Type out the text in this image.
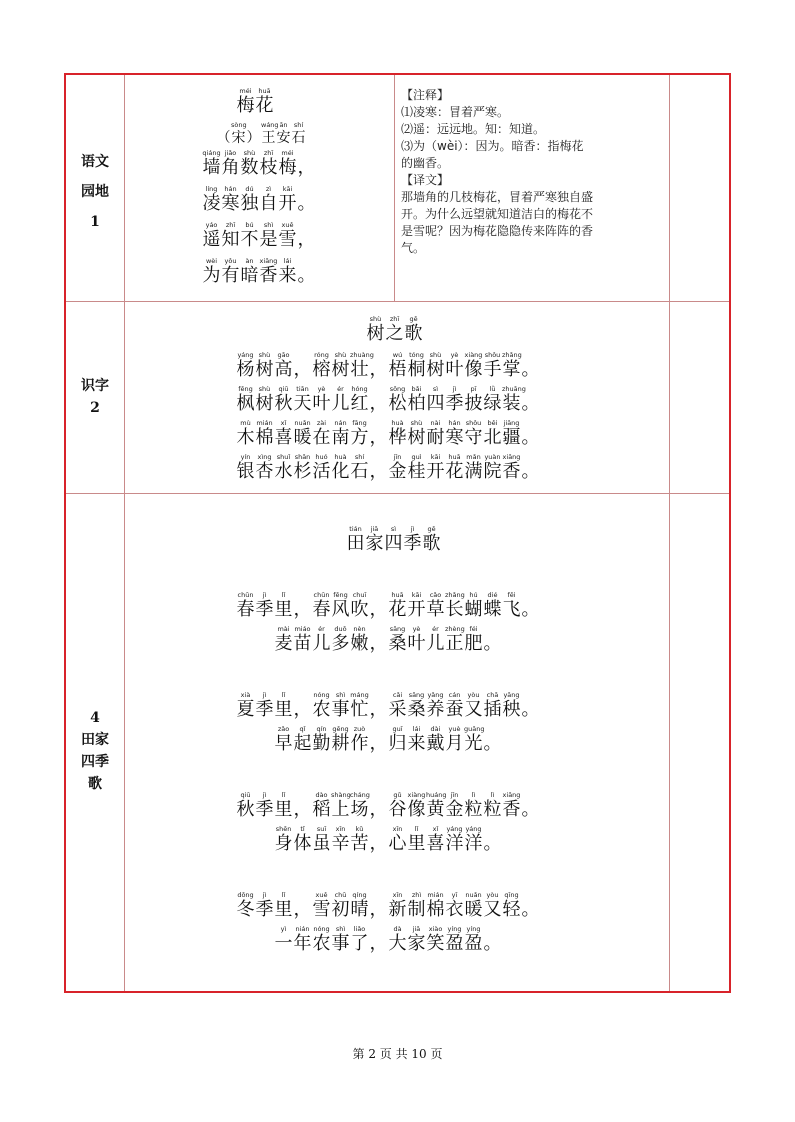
语文
园地
1
识字
2
4
田家
四季
歌
méi
梅
huā
花
（
sòng
宋 ）
wáng
王
ān
安
shí
石
qiáng
墙
jiǎo
角
shù
数
zhī
枝
méi
梅 ，
líng
凌
hán
寒
dú
独
zì
自
kāi
开 。
yáo
遥
zhī
知
bú
不
shì
是
xuě
雪 ，
wèi
为
yǒu
有
àn
暗
xiāng
香
lái
来 。
【注释】
⑴凌寒：冒着严寒。
⑵遥：远远地。知：知道。
⑶为（wèi）：因为。暗香：指梅花
的幽香。
【译文】
那墙角的几枝梅花，冒着严寒独自盛
开。为什么远望就知道洁白的梅花不
是雪呢？因为梅花隐隐传来阵阵的香
气。
shù
树
zhī
之
gē
歌
yáng
杨
shù
树
gāo
高 ，
róng
榕
shù
树
zhuàng
壮 ，
wú
梧
tóng
桐
shù
树
yè
叶
xiàng
像
shǒu
手
zhǎng
掌 。
fēng
枫
shù
树
qiū
秋
tiān
天
yè
叶
ér
儿
hóng
红 ，
sōng
松
bǎi
柏
sì
四
jì
季
pī
披
lǜ
绿
zhuāng
装 。
mù
木
mián
棉
xǐ
喜
nuǎn
暖
zài
在
nán
南
fāng
方 ，
huà
桦
shù
树
nài
耐
hán
寒
shǒu
守
běi
北
jiāng
疆 。
yín
银
xìng
杏
shuǐ
水
shān
杉
huó
活
huà
化
shí
石 ，
jīn
金
guì
桂
kāi
开
huā
花
mǎn
满
yuàn
院
xiāng
香 。
tián
田
jiā
家
sì
四
jì
季
gē
歌
chūn
春
jì
季
lǐ
里 ，
chūn
春
fēng
风
chuī
吹 ，
huā
花
kāi
开
cǎo
草
zhǎng
长
hú
蝴
dié
蝶
fēi
飞 。
mài
麦
miáo
苗
ér
儿
duō
多
nèn
嫩 ，
sāng
桑
yè
叶
ér
儿
zhèng
正
féi
肥 。
xià
夏
jì
季
lǐ
里 ，
nóng
农
shì
事
máng
忙 ，
cǎi
采
sāng
桑
yǎng
养
cán
蚕
yòu
又
chā
插
yāng
秧 。
zǎo
早
qǐ
起
qín
勤
gēng
耕
zuò
作 ，
guī
归
lái
来
dài
戴
yuè
月
guāng
光 。
qiū
秋
jì
季
lǐ
里 ，
dào
稻
shàng
上
cháng
场 ，
gǔ
谷
xiàng
像
huáng
黄
jīn
金
lì
粒
lì
粒
xiāng
香 。
shēn
身
tǐ
体
suī
虽
xīn
辛
kǔ
苦 ，
xīn
心
lǐ
里
xǐ
喜
yáng
洋
yáng
洋 。
dōng
冬
jì
季
lǐ
里 ，
xuě
雪
chū
初
qíng
晴 ，
xīn
新
zhì
制
mián
棉
yī
衣
nuǎn
暖
yòu
又
qīng
轻 。
yì
一
nián
年
nóng
农
shì
事
liǎo
了 ，
dà
大
jiā
家
xiào
笑
yíng
盈
yíng
盈 。
第 2 页 共 10 页
